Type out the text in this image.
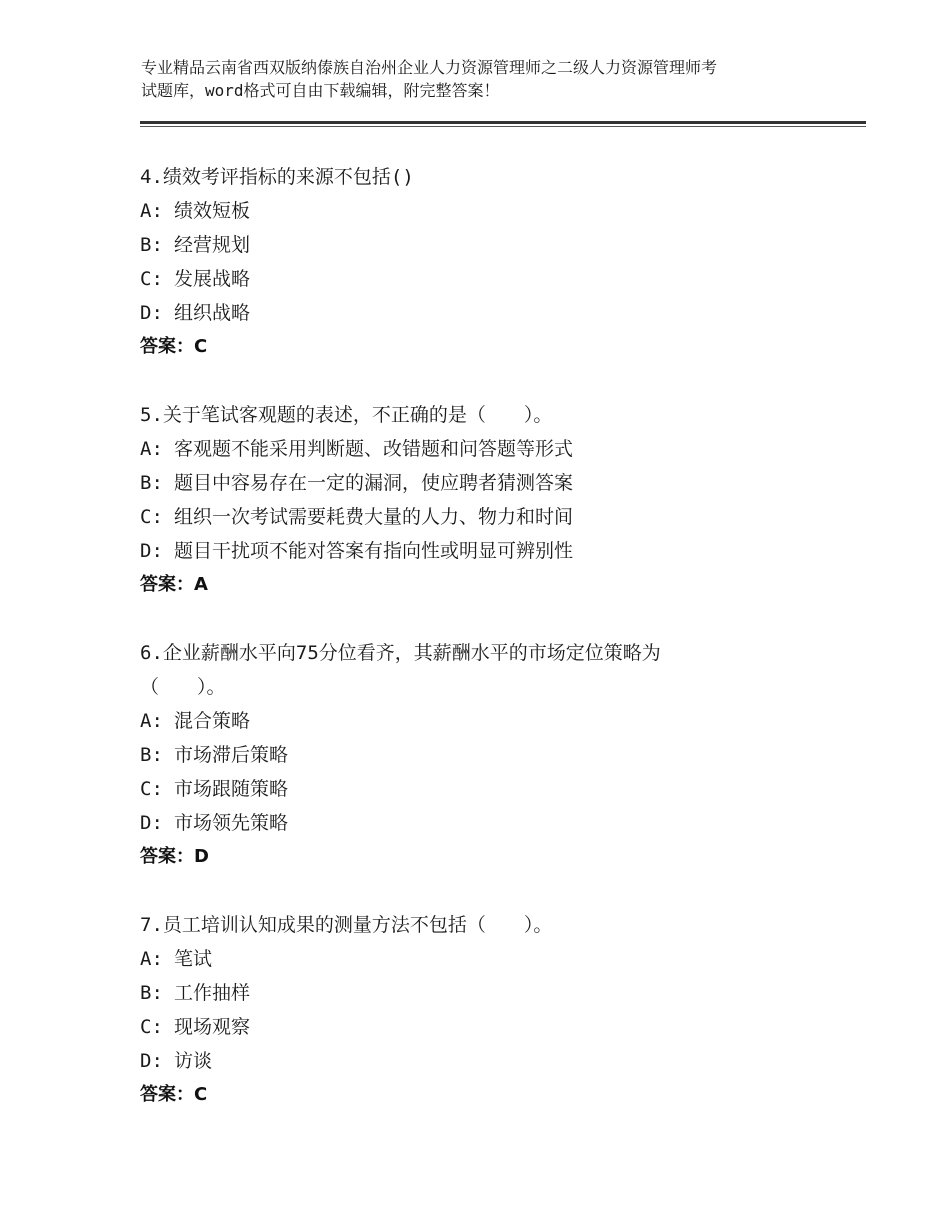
专业精品云南省西双版纳傣族自治州企业人力资源管理师之二级人力资源管理师考
试题库，word格式可自由下载编辑，附完整答案！
4.绩效考评指标的来源不包括()
A: 绩效短板
B: 经营规划
C: 发展战略
D: 组织战略
答案：C
5.关于笔试客观题的表述，不正确的是（　　）。
A: 客观题不能采用判断题、改错题和问答题等形式
B: 题目中容易存在一定的漏洞，使应聘者猜测答案
C: 组织一次考试需要耗费大量的人力、物力和时间
D: 题目干扰项不能对答案有指向性或明显可辨别性
答案：A
6.企业薪酬水平向75分位看齐，其薪酬水平的市场定位策略为（　　）。
A: 混合策略
B: 市场滞后策略
C: 市场跟随策略
D: 市场领先策略
答案：D
7.员工培训认知成果的测量方法不包括（　　）。
A: 笔试
B: 工作抽样
C: 现场观察
D: 访谈
答案：C
